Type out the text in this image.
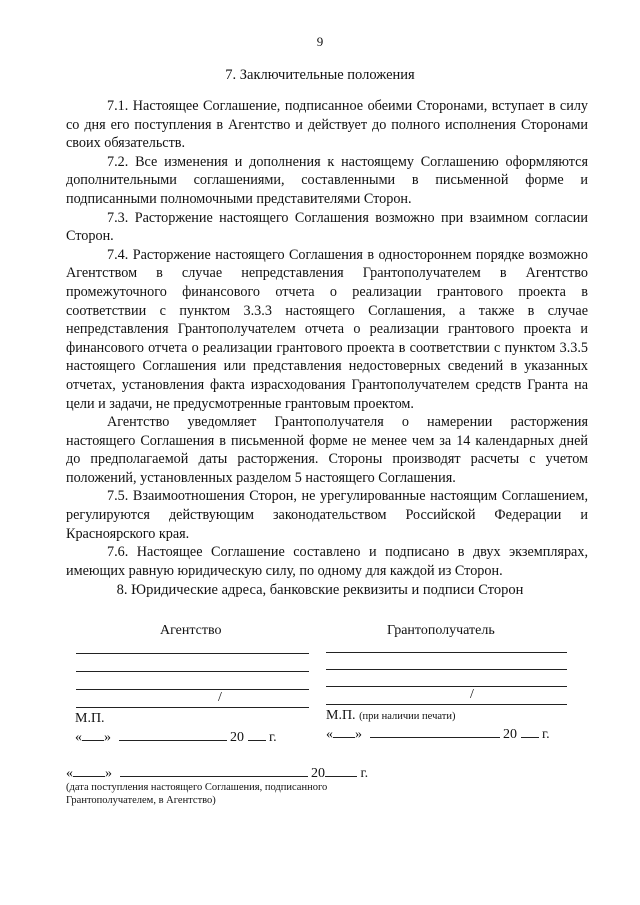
9
7. Заключительные положения

7.1. Настоящее Соглашение, подписанное обеими Сторонами, вступает в силу со дня его поступления в Агентство и действует до полного исполнения Сторонами своих обязательств.

7.2. Все изменения и дополнения к настоящему Соглашению оформляются дополнительными соглашениями, составленными в письменной форме и подписанными полномочными представителями Сторон.

7.3. Расторжение настоящего Соглашения возможно при взаимном согласии Сторон.

7.4. Расторжение настоящего Соглашения в одностороннем порядке возможно Агентством в случае непредставления Грантополучателем в Агентство промежуточного финансового отчета о реализации грантового проекта в соответствии с пунктом 3.3.3 настоящего Соглашения, а также в случае непредставления Грантополучателем отчета о реализации грантового проекта и финансового отчета о реализации грантового проекта в соответствии с пунктом 3.3.5 настоящего Соглашения или представления недостоверных сведений в указанных отчетах, установления факта израсходования Грантополучателем средств Гранта на цели и задачи, не предусмотренные грантовым проектом.

Агентство уведомляет Грантополучателя о намерении расторжения настоящего Соглашения в письменной форме не менее чем за 14 календарных дней до предполагаемой даты расторжения. Стороны производят расчеты с учетом положений, установленных разделом 5 настоящего Соглашения.

7.5. Взаимоотношения Сторон, не урегулированные настоящим Соглашением, регулируются действующим законодательством Российской Федерации и Красноярского края.

7.6. Настоящее Соглашение составлено и подписано в двух экземплярах, имеющих равную юридическую силу, по одному для каждой из Сторон.

8. Юридические адреса, банковские реквизиты и подписи Сторон
Агентство	Грантополучатель
/	/
М.П.	М.П. (при наличии печати)
« »	20 г.	« »	20 г.
« »	20	г.
(дата поступления настоящего Соглашения, подписанного Грантополучателем, в Агентство)
